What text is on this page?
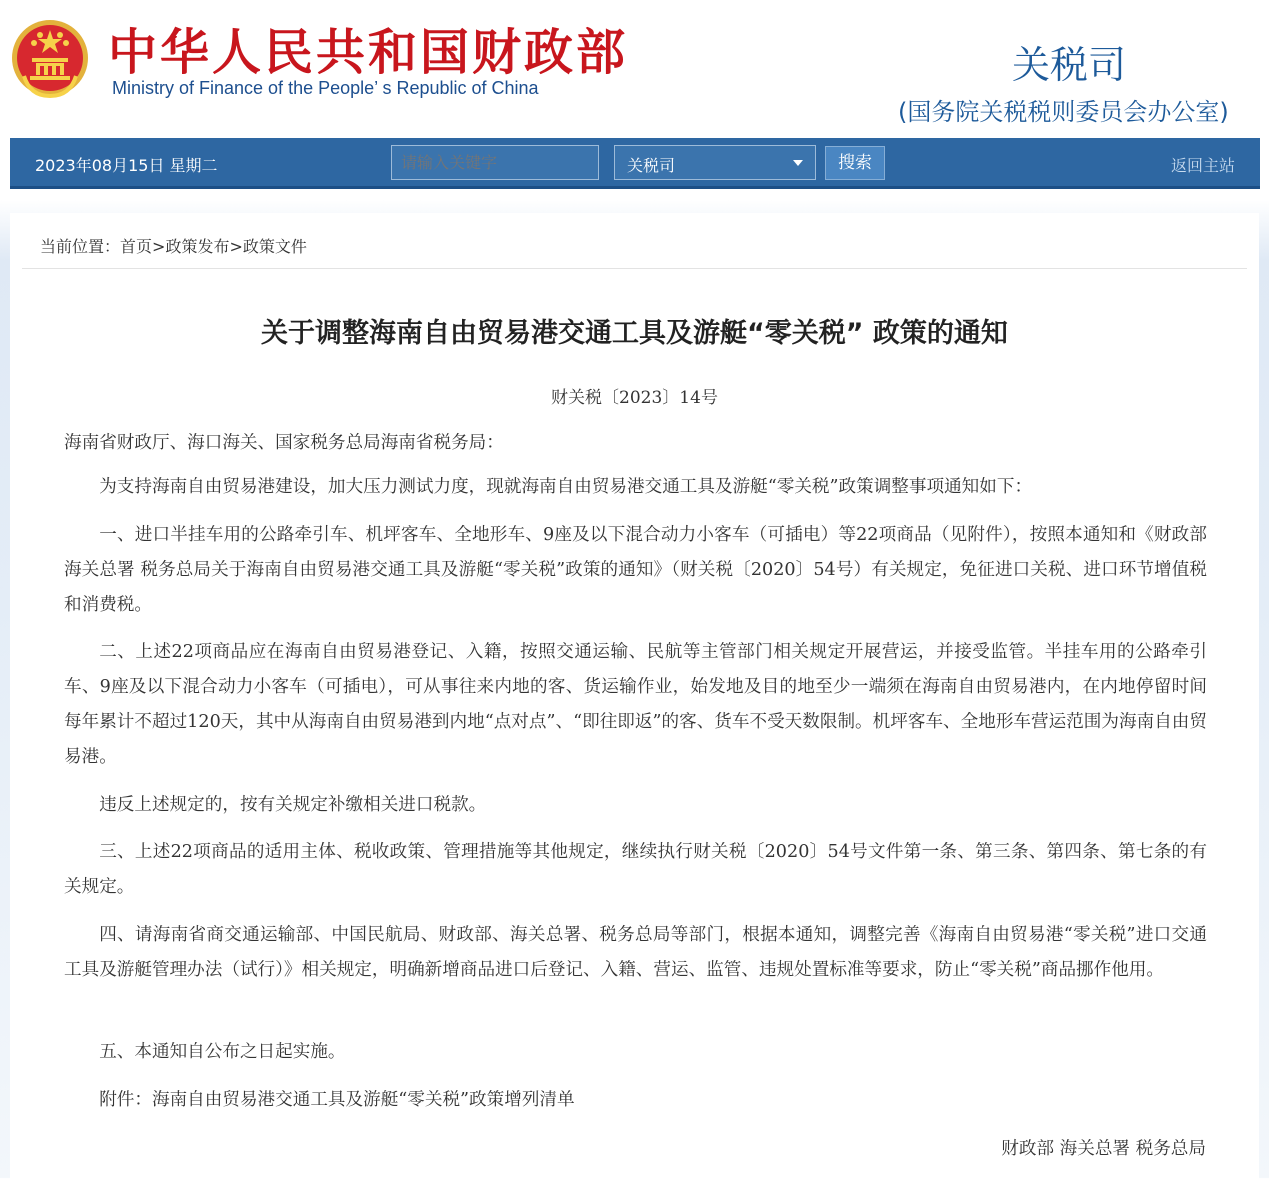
中华人民共和国财政部
Ministry of Finance of the People’ s Republic of China
关税司
(国务院关税税则委员会办公室)
2023年08月15日 星期二
请输入关键字	关税司	搜索	返回主站
当前位置：首页>政策发布>政策文件
关于调整海南自由贸易港交通工具及游艇“零关税” 政策的通知
财关税〔2023〕14号

海南省财政厅、海口海关、国家税务总局海南省税务局：

为支持海南自由贸易港建设，加大压力测试力度，现就海南自由贸易港交通工具及游艇“零关税”政策调整事项通知如下：

一、进口半挂车用的公路牵引车、机坪客车、全地形车、9座及以下混合动力小客车（可插电）等22项商品（见附件），按照本通知和《财政部 海关总署 税务总局关于海南自由贸易港交通工具及游艇“零关税”政策的通知》（财关税〔2020〕54号）有关规定，免征进口关税、进口环节增值税和消费税。

二、上述22项商品应在海南自由贸易港登记、入籍，按照交通运输、民航等主管部门相关规定开展营运，并接受监管。半挂车用的公路牵引车、9座及以下混合动力小客车（可插电），可从事往来内地的客、货运输作业，始发地及目的地至少一端须在海南自由贸易港内，在内地停留时间每年累计不超过120天，其中从海南自由贸易港到内地“点对点”、“即往即返”的客、货车不受天数限制。机坪客车、全地形车营运范围为海南自由贸易港。

违反上述规定的，按有关规定补缴相关进口税款。

三、上述22项商品的适用主体、税收政策、管理措施等其他规定，继续执行财关税〔2020〕54号文件第一条、第三条、第四条、第七条的有关规定。

四、请海南省商交通运输部、中国民航局、财政部、海关总署、税务总局等部门，根据本通知，调整完善《海南自由贸易港“零关税”进口交通工具及游艇管理办法（试行）》相关规定，明确新增商品进口后登记、入籍、营运、监管、违规处置标准等要求，防止“零关税”商品挪作他用。

五、本通知自公布之日起实施。

附件：海南自由贸易港交通工具及游艇“零关税”政策增列清单

财政部 海关总署 税务总局
